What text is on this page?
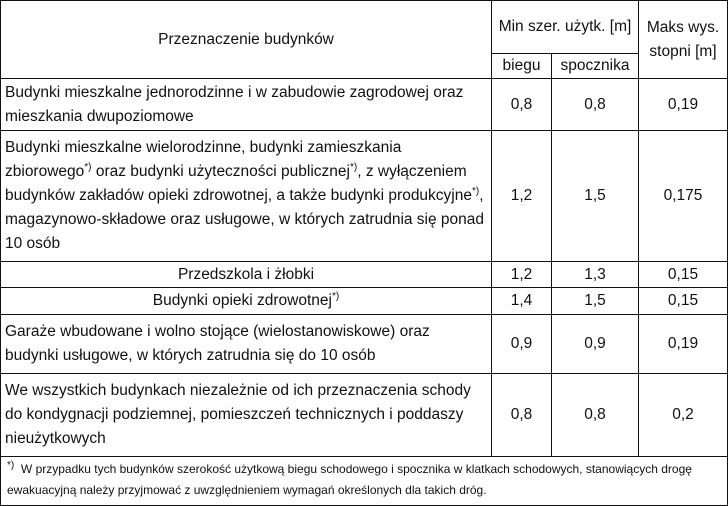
Przeznaczenie budynków	Min szer. użytk. [m]		Maks wys. stopni [m]
	biegu	spocznika	
Budynki mieszkalne jednorodzinne i w zabudowie zagrodowej oraz mieszkania dwupoziomowe	0,8	0,8	0,19
Budynki mieszkalne wielorodzinne, budynki zamieszkania zbiorowego*) oraz budynki użyteczności publicznej*), z wyłączeniem budynków zakładów opieki zdrowotnej, a także budynki produkcyjne*), magazynowo-składowe oraz usługowe, w których zatrudnia się ponad 10 osób	1,2	1,5	0,175
Przedszkola i żłobki	1,2	1,3	0,15
Budynki opieki zdrowotnej*)	1,4	1,5	0,15
Garaże wbudowane i wolno stojące (wielostanowiskowe) oraz budynki usługowe, w których zatrudnia się do 10 osób	0,9	0,9	0,19
We wszystkich budynkach niezależnie od ich przeznaczenia schody do kondygnacji podziemnej, pomieszczeń technicznych i poddaszy nieużytkowych	0,8	0,8	0,2
*) W przypadku tych budynków szerokość użytkową biegu schodowego i spocznika w klatkach schodowych, stanowiących drogę ewakuacyjną należy przyjmować z uwzględnieniem wymagań określonych dla takich dróg.			
